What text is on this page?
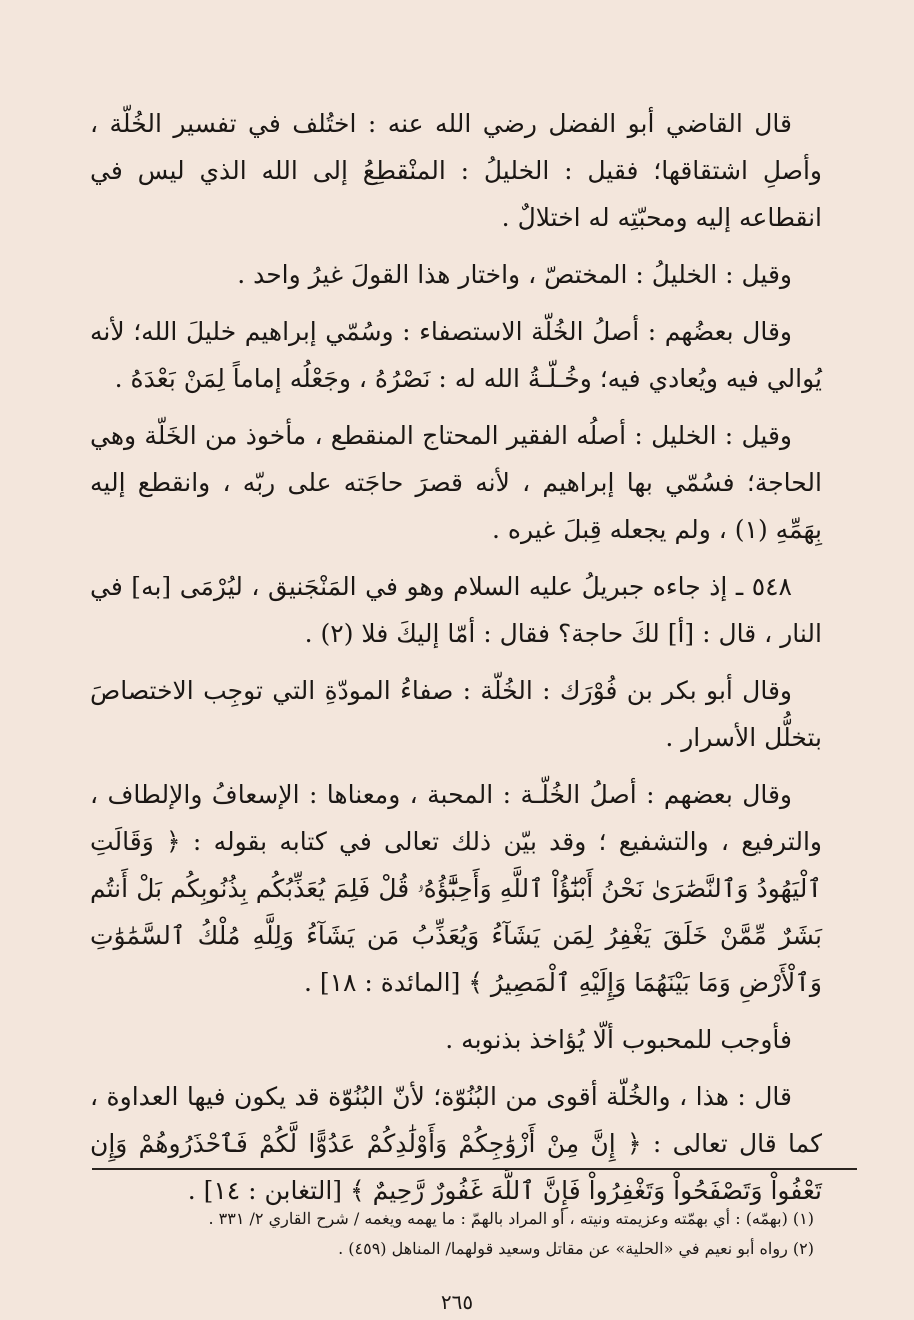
قال القاضي أبو الفضل رضي الله عنه : اختُلف في تفسير الخُلّة ، وأصلِ اشتقاقها؛ فقيل : الخليلُ : المنْقطِعُ إلى الله الذي ليس في انقطاعه إليه ومحبّتِه له اختلالٌ .

وقيل : الخليلُ : المختصّ ، واختار هذا القولَ غيرُ واحد .

وقال بعضُهم : أصلُ الخُلّة الاستصفاء : وسُمّي إبراهيم خليلَ الله؛ لأنه يُوالي فيه ويُعادي فيه؛ وخُـلّـةُ الله له : نَصْرُهُ ، وجَعْلُه إماماً لِمَنْ بَعْدَهُ .

وقيل : الخليل : أصلُه الفقير المحتاج المنقطع ، مأخوذ من الخَلّة وهي الحاجة؛ فسُمّي بها إبراهيم ، لأنه قصرَ حاجَته على ربّه ، وانقطع إليه بِهَمِّهِ (١) ، ولم يجعله قِبلَ غيره .

٥٤٨ ـ إذ جاءه جبريلُ عليه السلام وهو في المَنْجَنيق ، ليُرْمَى [به] في النار ، قال : [أ] لكَ حاجة؟ فقال : أمّا إليكَ فلا (٢) .

وقال أبو بكر بن فُوْرَك : الخُلّة : صفاءُ المودّةِ التي توجِب الاختصاصَ بتخلُّل الأسرار .

وقال بعضهم : أصلُ الخُلّـة : المحبة ، ومعناها : الإسعافُ والإلطاف ، والترفيع ، والتشفيع ؛ وقد بيّن ذلك تعالى في كتابه بقوله : ﴿ وَقَالَتِ ٱلْيَهُودُ وَٱلنَّصَٰرَىٰ نَحْنُ أَبْنَٰٓؤُاْ ٱللَّهِ وَأَحِبَّٰٓؤُهُۥ قُلْ فَلِمَ يُعَذِّبُكُم بِذُنُوبِكُم بَلْ أَنتُم بَشَرٌ مِّمَّنْ خَلَقَ يَغْفِرُ لِمَن يَشَآءُ وَيُعَذِّبُ مَن يَشَآءُ وَلِلَّهِ مُلْكُ ٱلسَّمَٰوَٰتِ وَٱلْأَرْضِ وَمَا بَيْنَهُمَا وَإِلَيْهِ ٱلْمَصِيرُ ﴾ [المائدة : ١٨] .

فأوجب للمحبوب ألّا يُؤاخذ بذنوبه .

قال : هذا ، والخُلّة أقوى من البُنُوّة؛ لأنّ البُنُوّة قد يكون فيها العداوة ، كما قال تعالى : ﴿ إِنَّ مِنْ أَزْوَٰجِكُمْ وَأَوْلَٰدِكُمْ عَدُوًّا لَّكُمْ فَٱحْذَرُوهُمْ وَإِن تَعْفُواْ وَتَصْفَحُواْ وَتَغْفِرُواْ فَإِنَّ ٱللَّهَ غَفُورٌ رَّحِيمٌ ﴾ [التغابن : ١٤] .

(١) (بهمّه) : أي بهمّته وعزيمته ونيته ، أو المراد بالهمّ : ما يهمه ويغمه / شرح القاري ٢/ ٣٣١ .

(٢) رواه أبو نعيم في «الحلية» عن مقاتل وسعيد قولهما/ المناهل (٤٥٩) .

٢٦٥
